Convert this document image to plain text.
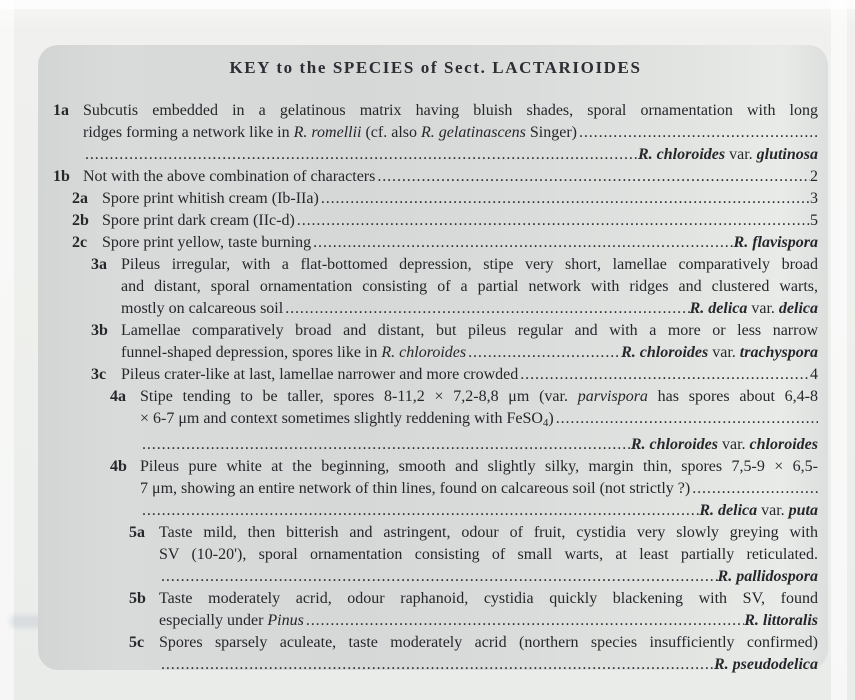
KEY to the SPECIES of Sect. LACTARIOIDES
1a Subcutis embedded in a gelatinous matrix having bluish shades, sporal ornamentation with long
ridges forming a network like in R. romellii (cf. also R. gelatinascens Singer)
.....
.....
R. chloroides var. glutinosa
1b Not with the above combination of characters .....	2
2a Spore print whitish cream (Ib-IIa) .....	3
2b Spore print dark cream (IIc-d) .....	5
2c Spore print yellow, taste burning .....	R. flavispora
3a Pileus irregular, with a flat-bottomed depression, stipe very short, lamellae comparatively broad
and distant, sporal ornamentation consisting of a partial network with ridges and clustered warts,
mostly on calcareous soil .....	R. delica var. delica
3b Lamellae comparatively broad and distant, but pileus regular and with a more or less narrow
funnel-shaped depression, spores like in R. chloroides .....	R. chloroides var. trachyspora
3c Pileus crater-like at last, lamellae narrower and more crowded .....	4
4a Stipe tending to be taller, spores 8-11,2 × 7,2-8,8 μm (var. parvispora has spores about 6,4-8
× 6-7 μm and context sometimes slightly reddening with FeSO4)
.....
.....
R. chloroides var. chloroides
4b Pileus pure white at the beginning, smooth and slightly silky, margin thin, spores 7,5-9 × 6,5-
7 μm, showing an entire network of thin lines, found on calcareous soil (not strictly ?)
.....
.....
R. delica var. puta
5a Taste mild, then bitterish and astringent, odour of fruit, cystidia very slowly greying with
SV (10-20'), sporal ornamentation consisting of small warts, at least partially reticulated.
.....
R. pallidospora
5b Taste moderately acrid, odour raphanoid, cystidia quickly blackening with SV, found
especially under Pinus .....	R. littoralis
5c Spores sparsely aculeate, taste moderately acrid (northern species insufficiently confirmed)
.....
R. pseudodelica
